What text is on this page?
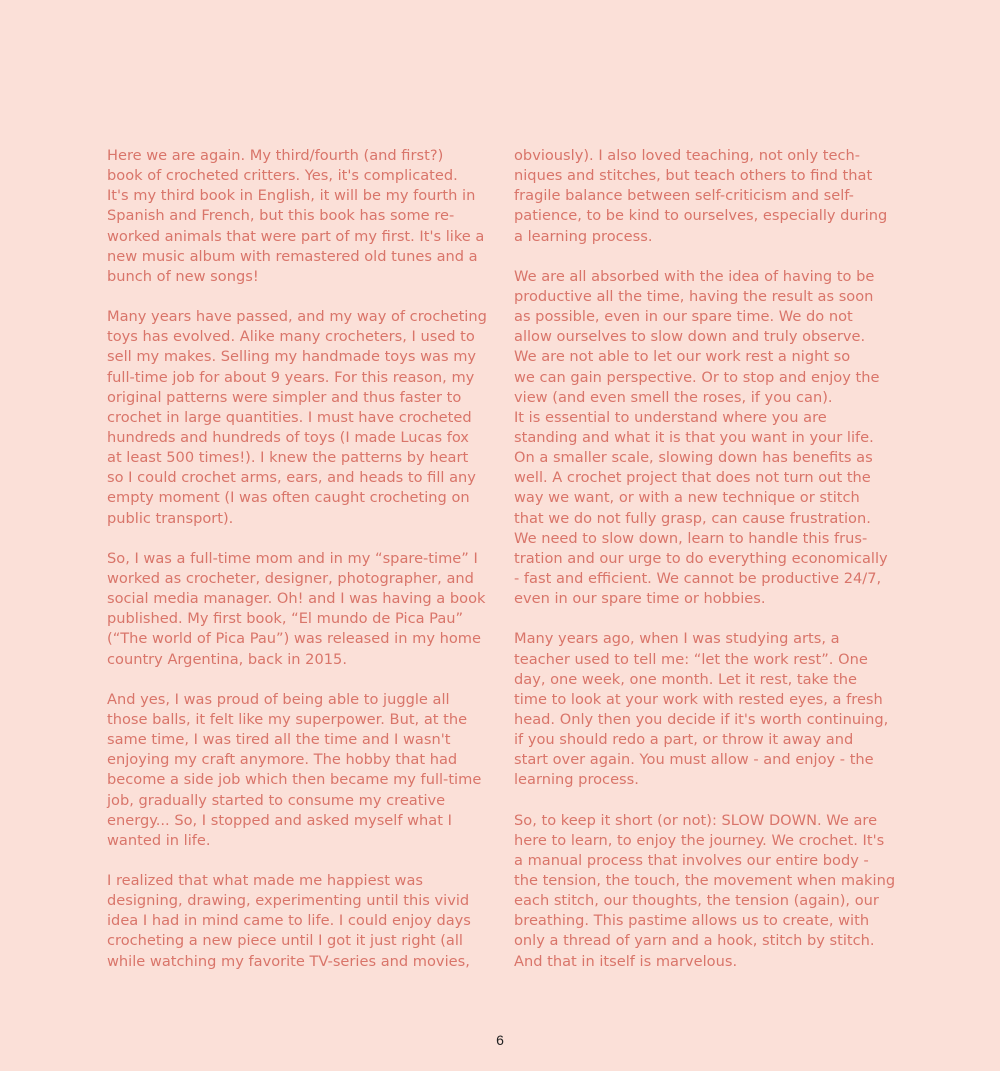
Here we are again. My third/fourth (and first?)
book of crocheted critters. Yes, it's complicated.
It's my third book in English, it will be my fourth in
Spanish and French, but this book has some re-
worked animals that were part of my first. It's like a
new music album with remastered old tunes and a
bunch of new songs!
Many years have passed, and my way of crocheting
toys has evolved. Alike many crocheters, I used to
sell my makes. Selling my handmade toys was my
full-time job for about 9 years. For this reason, my
original patterns were simpler and thus faster to
crochet in large quantities. I must have crocheted
hundreds and hundreds of toys (I made Lucas fox
at least 500 times!). I knew the patterns by heart
so I could crochet arms, ears, and heads to fill any
empty moment (I was often caught crocheting on
public transport).
So, I was a full-time mom and in my “spare-time” I
worked as crocheter, designer, photographer, and
social media manager. Oh! and I was having a book
published. My first book, “El mundo de Pica Pau”
(“The world of Pica Pau”) was released in my home
country Argentina, back in 2015.
And yes, I was proud of being able to juggle all
those balls, it felt like my superpower. But, at the
same time, I was tired all the time and I wasn't
enjoying my craft anymore. The hobby that had
become a side job which then became my full-time
job, gradually started to consume my creative
energy... So, I stopped and asked myself what I
wanted in life.
I realized that what made me happiest was
designing, drawing, experimenting until this vivid
idea I had in mind came to life. I could enjoy days
crocheting a new piece until I got it just right (all
while watching my favorite TV-series and movies,
obviously). I also loved teaching, not only tech-
niques and stitches, but teach others to find that
fragile balance between self-criticism and self-
patience, to be kind to ourselves, especially during
a learning process.
We are all absorbed with the idea of having to be
productive all the time, having the result as soon
as possible, even in our spare time. We do not
allow ourselves to slow down and truly observe.
We are not able to let our work rest a night so
we can gain perspective. Or to stop and enjoy the
view (and even smell the roses, if you can).
It is essential to understand where you are
standing and what it is that you want in your life.
On a smaller scale, slowing down has benefits as
well. A crochet project that does not turn out the
way we want, or with a new technique or stitch
that we do not fully grasp, can cause frustration.
We need to slow down, learn to handle this frus-
tration and our urge to do everything economically
- fast and efficient. We cannot be productive 24/7,
even in our spare time or hobbies.
Many years ago, when I was studying arts, a
teacher used to tell me: “let the work rest”. One
day, one week, one month. Let it rest, take the
time to look at your work with rested eyes, a fresh
head. Only then you decide if it's worth continuing,
if you should redo a part, or throw it away and
start over again. You must allow - and enjoy - the
learning process.
So, to keep it short (or not): SLOW DOWN. We are
here to learn, to enjoy the journey. We crochet. It's
a manual process that involves our entire body -
the tension, the touch, the movement when making
each stitch, our thoughts, the tension (again), our
breathing. This pastime allows us to create, with
only a thread of yarn and a hook, stitch by stitch.
And that in itself is marvelous.
6
